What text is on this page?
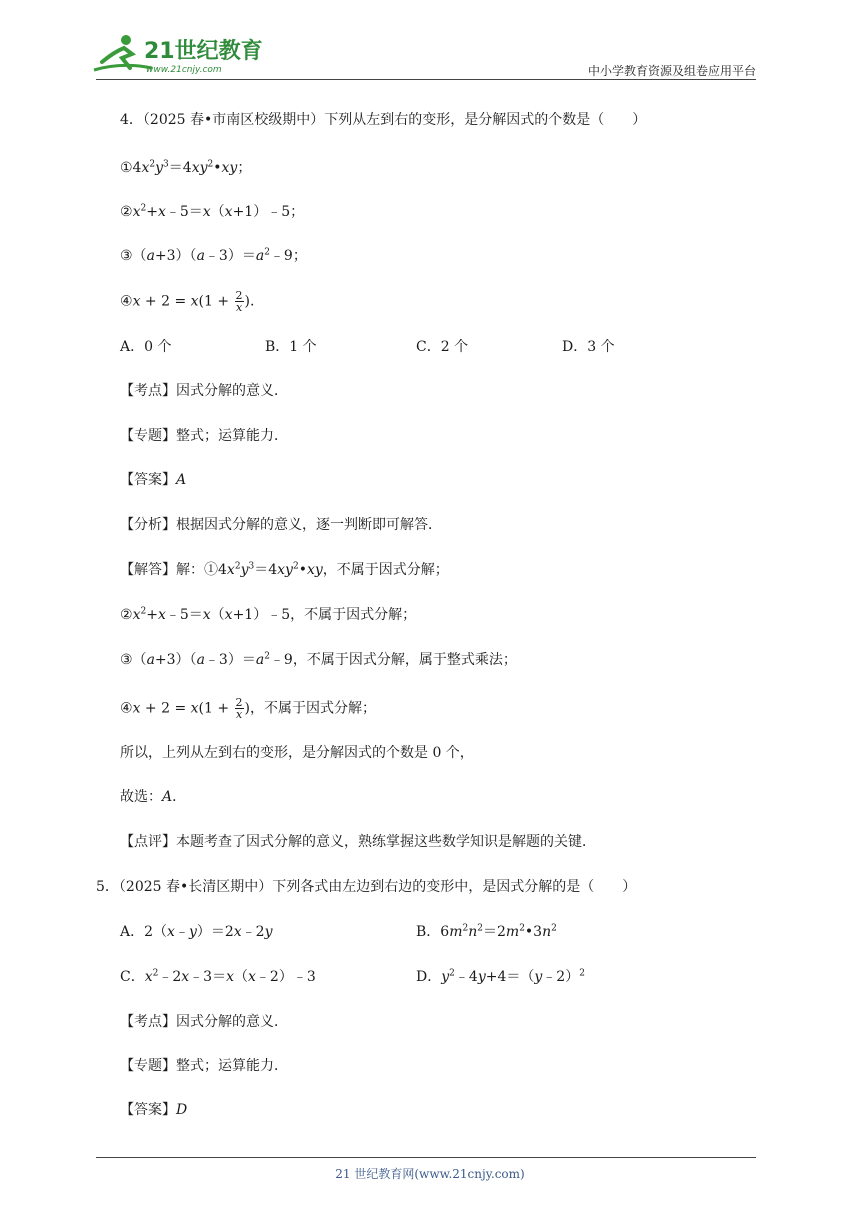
21世纪教育
www.21cnjy.com	中小学教育资源及组卷应用平台
4．（2025 春•市南区校级期中）下列从左到右的变形，是分解因式的个数是（　　）
$①4x^2y^3=4xy^2•xy$；
$②x^2+x﹣5=x(x+1)﹣5$；
$③(a+3)(a﹣3)=a^2﹣9$；
④x + $2 = x(1 + \frac{2}{x}$ ).
A．0 个	B．1 个	C．2 个	D．3 个
【考点】因式分解的意义．
【专题】整式；运算能力．
【答案】A
【分析】根据因式分解的意义，逐一判断即可解答．
【解答】解：$①4x^2y^3=4xy^2•xy$，不属于因式分解；
$②x^2+x﹣5=x(x+1)﹣5$，不属于因式分解；
$③(a+3)(a﹣3)=a^2﹣9$，不属于因式分解，属于整式乘法；
④x + $2 = x(1 + \frac{2}{x}$ )，不属于因式分解；
所以，上列从左到右的变形，是分解因式的个数是 0 个，
故选：A．
【点评】本题考查了因式分解的意义，熟练掌握这些数学知识是解题的关键．
5．（2025 春•长清区期中）下列各式由左边到右边的变形中，是因式分解的是（　　）
A．2（x﹣y）＝2x﹣2y	B．$6m^2n^2=2m^2•3n^2$
C．$x^2﹣2x﹣3=x(x﹣2)﹣3$	D．$y^2﹣4y+4=(y﹣2)^2$
【考点】因式分解的意义．
【专题】整式；运算能力．
【答案】D
21 世纪教育网(www.21cnjy.com)
